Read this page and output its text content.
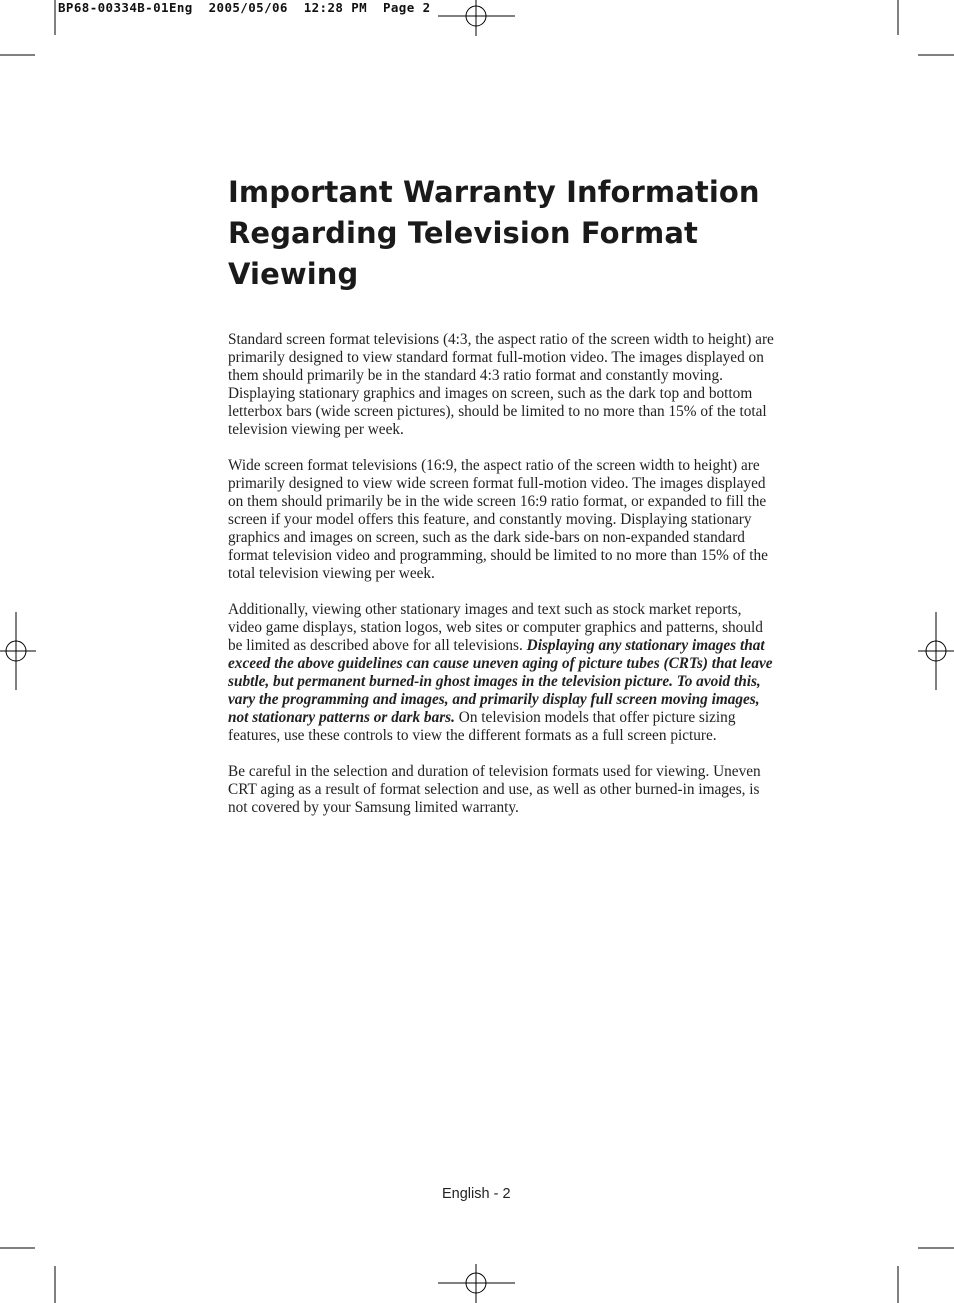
BP68-00334B-01Eng  2005/05/06  12:28 PM  Page 2
Important Warranty Information
Regarding Television Format
Viewing

Standard screen format televisions (4:3, the aspect ratio of the screen width to height) are
primarily designed to view standard format full-motion video. The images displayed on
them should primarily be in the standard 4:3 ratio format and constantly moving.
Displaying stationary graphics and images on screen, such as the dark top and bottom
letterbox bars (wide screen pictures), should be limited to no more than 15% of the total
television viewing per week.

Wide screen format televisions (16:9, the aspect ratio of the screen width to height) are
primarily designed to view wide screen format full-motion video. The images displayed
on them should primarily be in the wide screen 16:9 ratio format, or expanded to fill the
screen if your model offers this feature, and constantly moving. Displaying stationary
graphics and images on screen, such as the dark side-bars on non-expanded standard
format television video and programming, should be limited to no more than 15% of the
total television viewing per week.

Additionally, viewing other stationary images and text such as stock market reports,
video game displays, station logos, web sites or computer graphics and patterns, should
be limited as described above for all televisions. Displaying any stationary images that
exceed the above guidelines can cause uneven aging of picture tubes (CRTs) that leave
subtle, but permanent burned-in ghost images in the television picture. To avoid this,
vary the programming and images, and primarily display full screen moving images,
not stationary patterns or dark bars. On television models that offer picture sizing
features, use these controls to view the different formats as a full screen picture.

Be careful in the selection and duration of television formats used for viewing. Uneven
CRT aging as a result of format selection and use, as well as other burned-in images, is
not covered by your Samsung limited warranty.

English - 2
